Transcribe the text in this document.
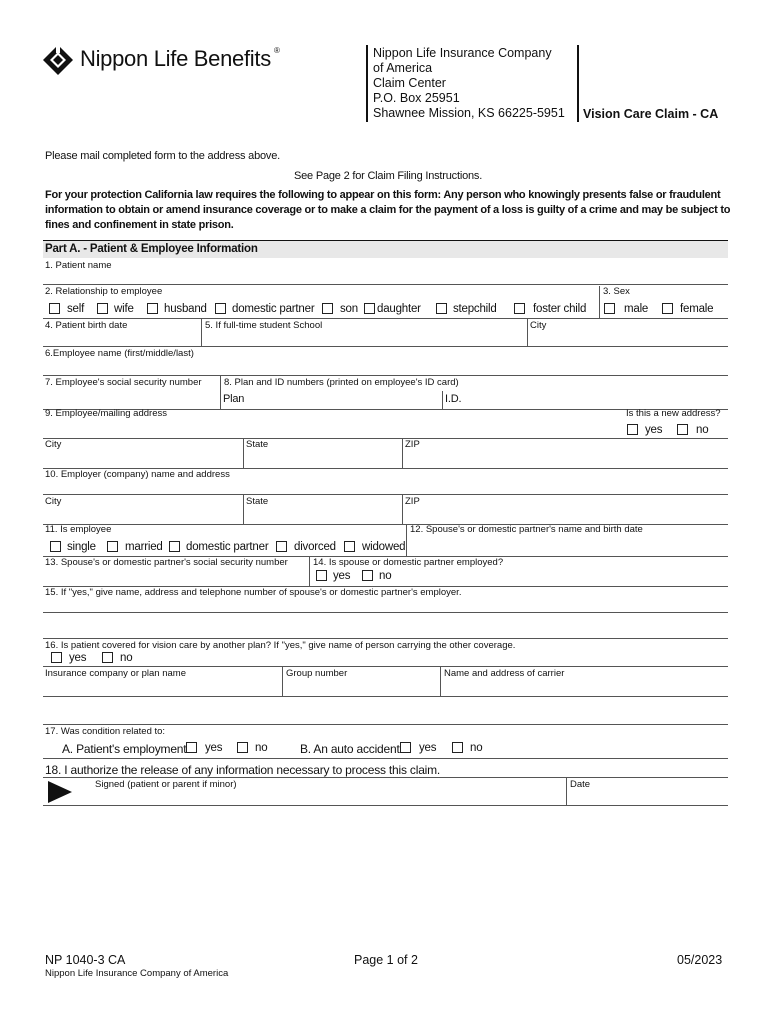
Nippon Life Benefits ®	Nippon Life Insurance Company
of America
Claim Center
P.O. Box 25951
Shawnee Mission, KS 66225-5951 Vision Care Claim - CA
Please mail completed form to the address above.
See Page 2 for Claim Filing Instructions.
For your protection California law requires the following to appear on this form: Any person who knowingly presents false or fraudulent information to obtain or amend insurance coverage or to make a claim for the payment of a loss is guilty of a crime and may be subject to fines and confinement in state prison.
Part A. - Patient & Employee Information
1. Patient name
2. Relationship to employee	3. Sex
self	wife	husband domestic partner son daughter	stepchild	foster child	male	female
4. Patient birth date	5. If full-time student School	City
6.Employee name (first/middle/last)
7. Employee's social security number 8. Plan and ID numbers (printed on employee's ID card)
Plan	I.D.
9. Employee/mailing address	Is this a new address?
yes	no
City	State	ZIP
10. Employer (company) name and address
City	State	ZIP
11. Is employee	12. Spouse's or domestic partner's name and birth date
single	married domestic partner divorced widowed
13. Spouse's or domestic partner's social security number	14. Is spouse or domestic partner employed?
yes no
15. If "yes," give name, address and telephone number of spouse's or domestic partner's employer.
16. Is patient covered for vision care by another plan? If "yes," give name of person carrying the other coverage.
yes	no
Insurance company or plan name	Group number	Name and address of carrier
17. Was condition related to:
A. Patient's employment yes	no	B. An auto accident yes	no
18. I authorize the release of any information necessary to process this claim.
Signed (patient or parent if minor)	Date
NP 1040-3 CA
Nippon Life Insurance Company of America
Page 1 of 2	05/2023
